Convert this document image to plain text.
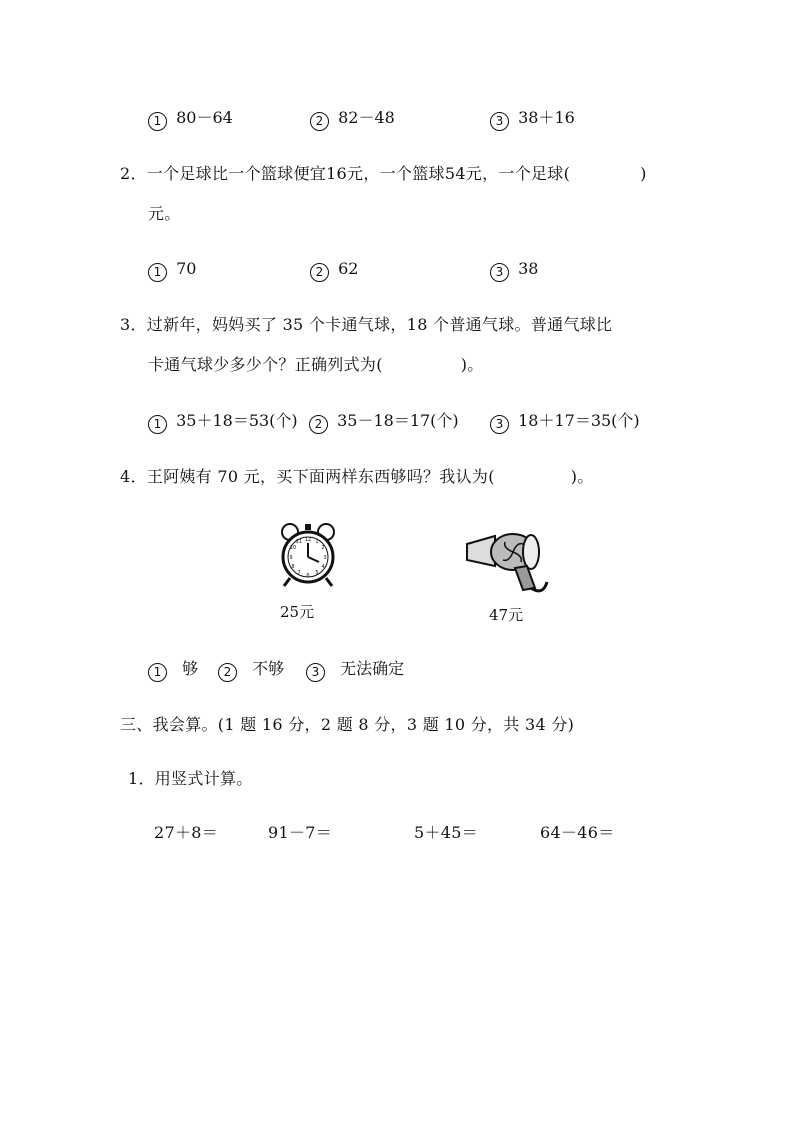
1 80－64	2 82－48	3 38＋16
2．一个足球比一个篮球便宜16元，一个篮球54元，一个足球(	)
元。
1 70	2 62	3 38
3．过新年，妈妈买了 35 个卡通气球，18 个普通气球。普通气球比
卡通气球少多少个？正确列式为(	)。
1 35＋18＝53(个)	2 35－18＝17(个)	3 18＋17＝35(个)
4．王阿姨有 70 元，买下面两样东西够吗？我认为(	)。
12 1
2
3
4
5
6
7
8
9
10
11
25元	47元
1 够	2 不够	3 无法确定
三、我会算。(1 题 16 分，2 题 8 分，3 题 10 分，共 34 分)
1．用竖式计算。
27＋8＝	91－7＝	5＋45＝	64－46＝
